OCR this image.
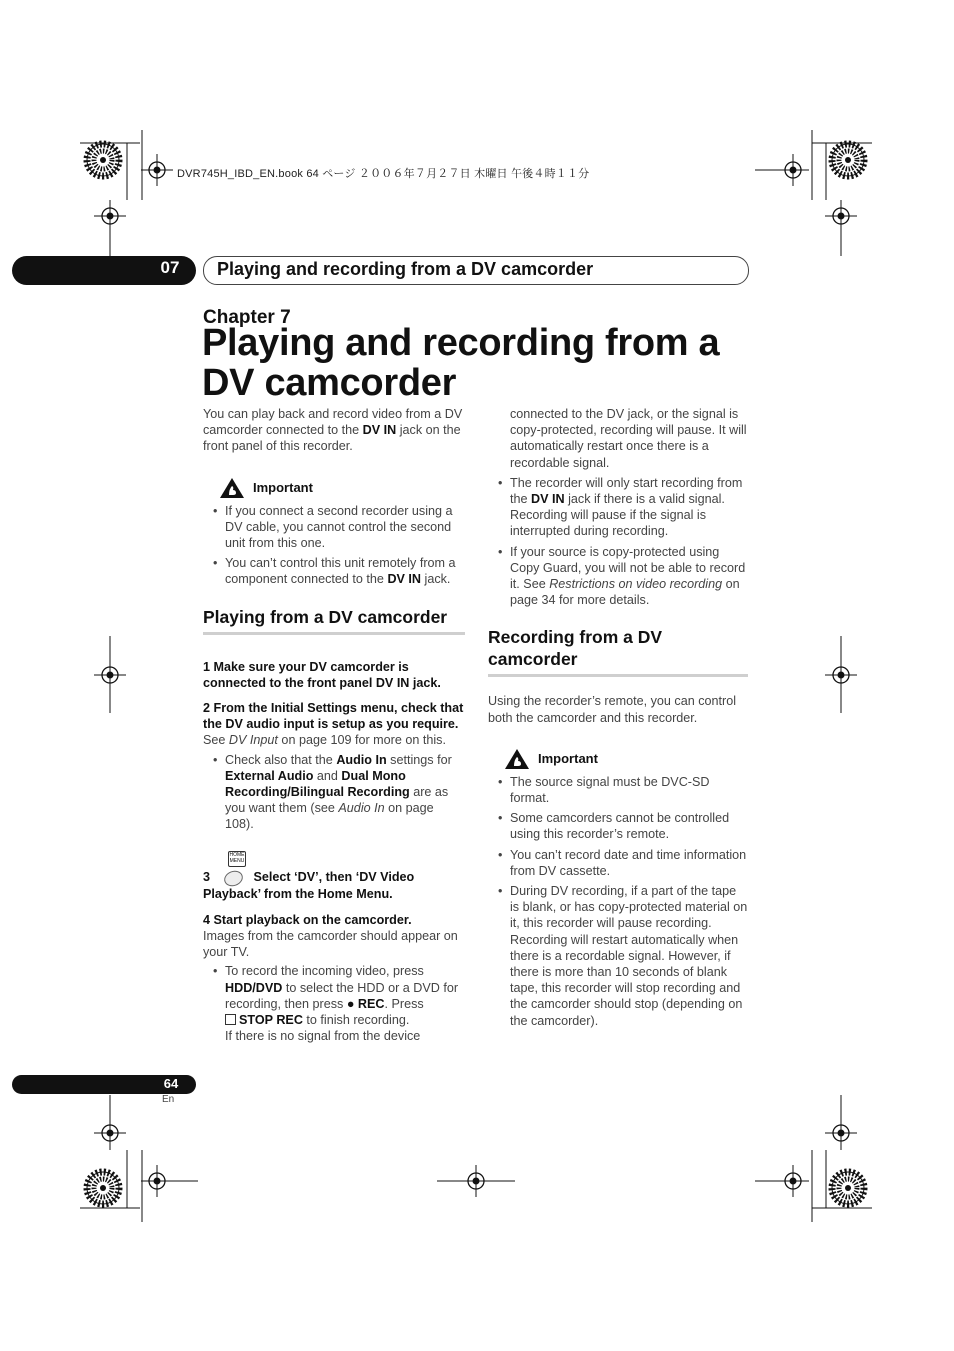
DVR745H_IBD_EN.book 64 ページ ２００６年７月２７日 木曜日 午後４時１１分
07	Playing and recording from a DV camcorder
Chapter 7
Playing and recording from a DV camcorder

You can play back and record video from a DV camcorder connected to the DV IN jack on the front panel of this recorder.

Important
• If you connect a second recorder using a DV cable, you cannot control the second unit from this one.
• You can’t control this unit remotely from a component connected to the DV IN jack.
Playing from a DV camcorder

1 Make sure your DV camcorder is connected to the front panel DV IN jack.

2 From the Initial Settings menu, check that the DV audio input is setup as you require.

See DV Input on page 109 for more on this.

• Check also that the Audio In settings for External Audio and Dual Mono Recording/Bilingual Recording are as you want them (see Audio In on page 108).
HOME MENU

3	Select ‘DV’, then ‘DV Video Playback’ from the Home Menu.

4 Start playback on the camcorder.

Images from the camcorder should appear on your TV.

• To record the incoming video, press HDD/DVD to select the HDD or a DVD for recording, then press ● REC. Press
STOP REC to finish recording.
If there is no signal from the device

connected to the DV jack, or the signal is copy-protected, recording will pause. It will automatically restart once there is a recordable signal.

• The recorder will only start recording from the DV IN jack if there is a valid signal. Recording will pause if the signal is interrupted during recording.
• If your source is copy-protected using Copy Guard, you will not be able to record it. See Restrictions on video recording on page 34 for more details.
Recording from a DV camcorder

Using the recorder’s remote, you can control both the camcorder and this recorder.

Important
• The source signal must be DVC-SD format.
• Some camcorders cannot be controlled using this recorder’s remote.
• You can’t record date and time information from DV cassette.
• During DV recording, if a part of the tape is blank, or has copy-protected material on it, this recorder will pause recording. Recording will restart automatically when there is a recordable signal. However, if there is more than 10 seconds of blank tape, this recorder will stop recording and the camcorder should stop (depending on the camcorder).
64
En
